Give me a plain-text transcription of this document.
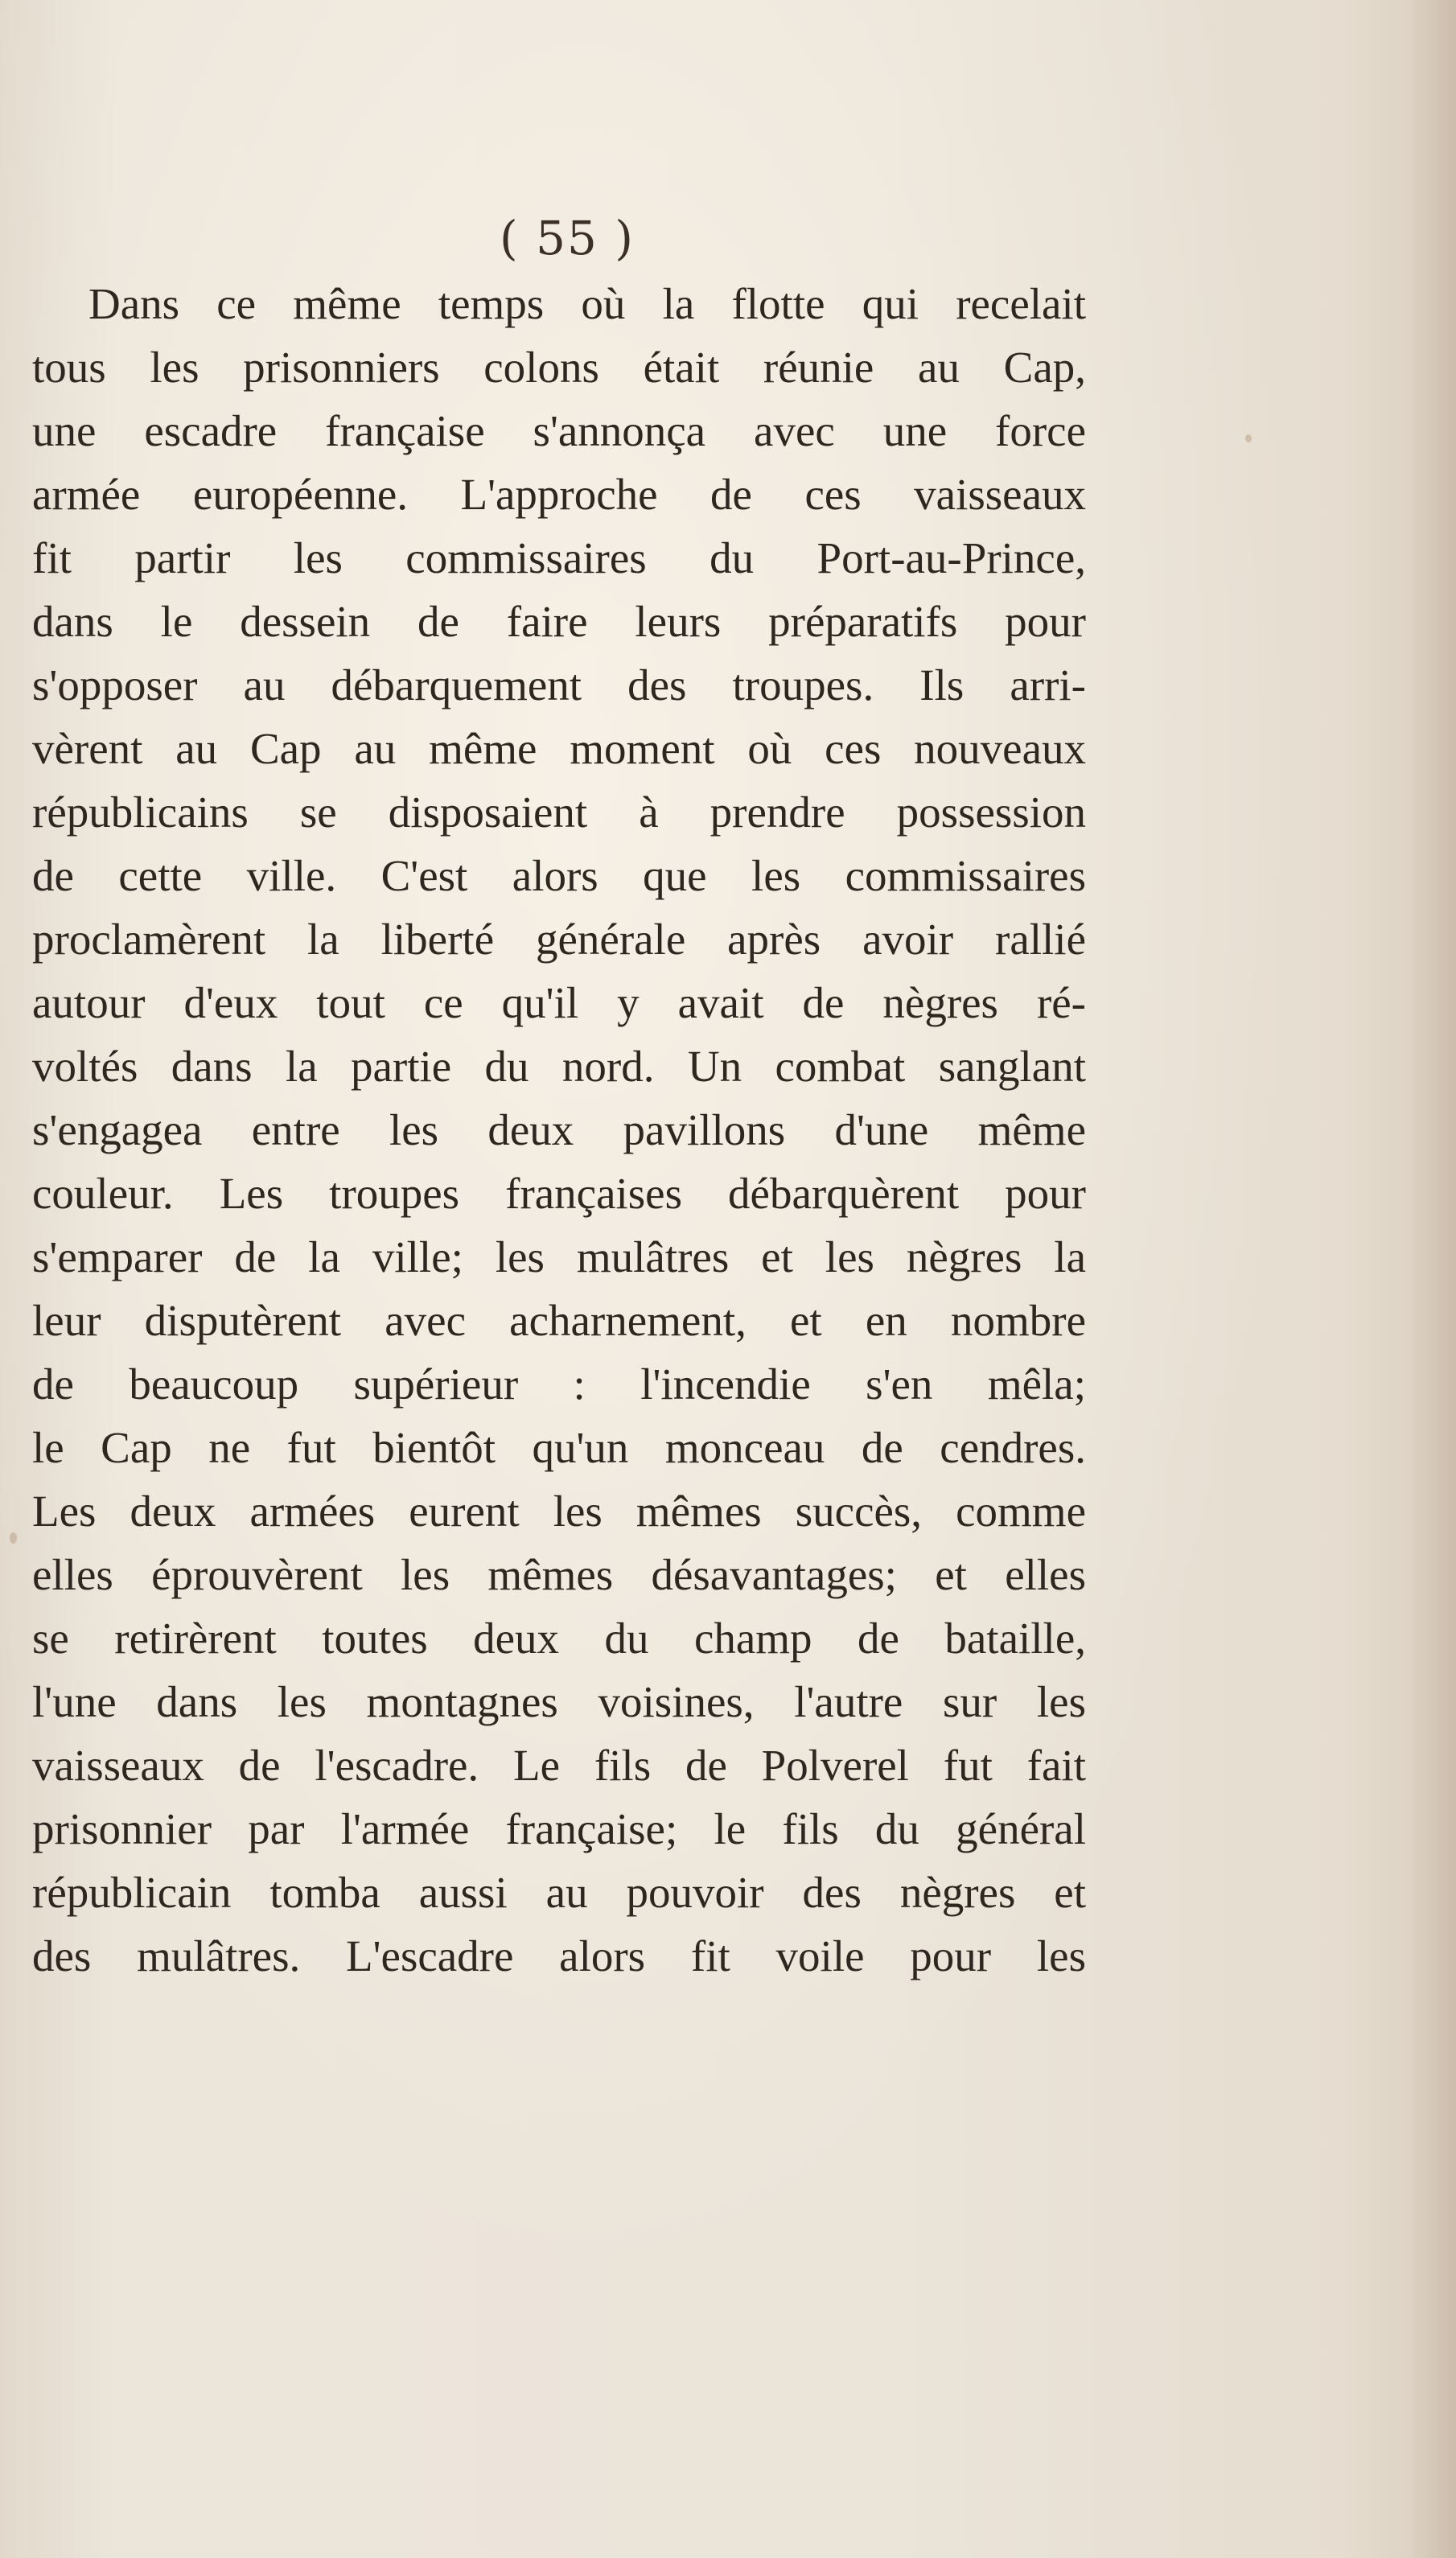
( 55 )
Dans ce même temps où la flotte qui recelait
tous les prisonniers colons était réunie au Cap,
une escadre française s'annonça avec une force
armée européenne. L'approche de ces vaisseaux
fit partir les commissaires du Port-au-Prince,
dans le dessein de faire leurs préparatifs pour
s'opposer au débarquement des troupes. Ils arri-
vèrent au Cap au même moment où ces nouveaux
républicains se disposaient à prendre possession
de cette ville. C'est alors que les commissaires
proclamèrent la liberté générale après avoir rallié
autour d'eux tout ce qu'il y avait de nègres ré-
voltés dans la partie du nord. Un combat sanglant
s'engagea entre les deux pavillons d'une même
couleur. Les troupes françaises débarquèrent pour
s'emparer de la ville; les mulâtres et les nègres la
leur disputèrent avec acharnement, et en nombre
de beaucoup supérieur : l'incendie s'en mêla;
le Cap ne fut bientôt qu'un monceau de cendres.
Les deux armées eurent les mêmes succès, comme
elles éprouvèrent les mêmes désavantages; et elles
se retirèrent toutes deux du champ de bataille,
l'une dans les montagnes voisines, l'autre sur les
vaisseaux de l'escadre. Le fils de Polverel fut fait
prisonnier par l'armée française; le fils du général
républicain tomba aussi au pouvoir des nègres et
des mulâtres. L'escadre alors fit voile pour les
